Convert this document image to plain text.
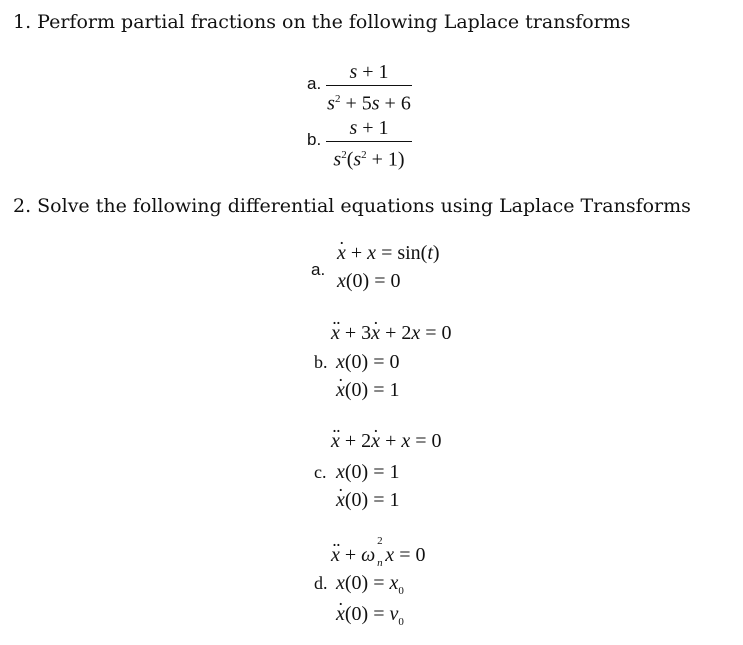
1. Perform partial fractions on the following Laplace transforms
a.
s + 1
$s^2 + 5s + 6$
b.
s + 1
$s^2(s^2 + 1)$
2. Solve the following differential equations using Laplace Transforms
a.
· x + x = sin(t)
x(0) = 0
·· x + 3· x + 2x = 0
b. x(0) = 0
· x(0) = 1
·· x + 2· x + x = 0
c. x(0) = 1
· x(0) = 1
·· x + ω
2
n x = 0
d. $x(0) = x_0$
· $x(0) = v_0$
